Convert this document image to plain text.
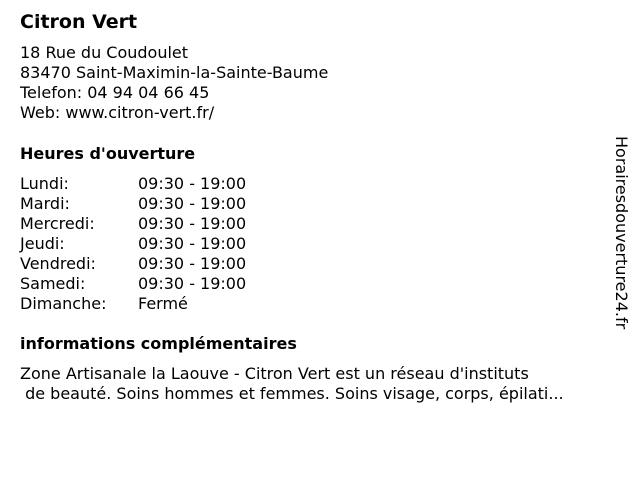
Citron Vert
18 Rue du Coudoulet
83470 Saint-Maximin-la-Sainte-Baume
Telefon: 04 94 04 66 45
Web: www.citron-vert.fr/
Heures d'ouverture
Lundi:	09:30 - 19:00
Mardi:	09:30 - 19:00
Mercredi:	09:30 - 19:00
Jeudi:	09:30 - 19:00
Vendredi:	09:30 - 19:00
Samedi:	09:30 - 19:00
Dimanche: Fermé
informations complémentaires
Zone Artisanale la Laouve - Citron Vert est un réseau d'instituts
de beauté. Soins hommes et femmes. Soins visage, corps, épilati...
Horairesdouverture24.fr
